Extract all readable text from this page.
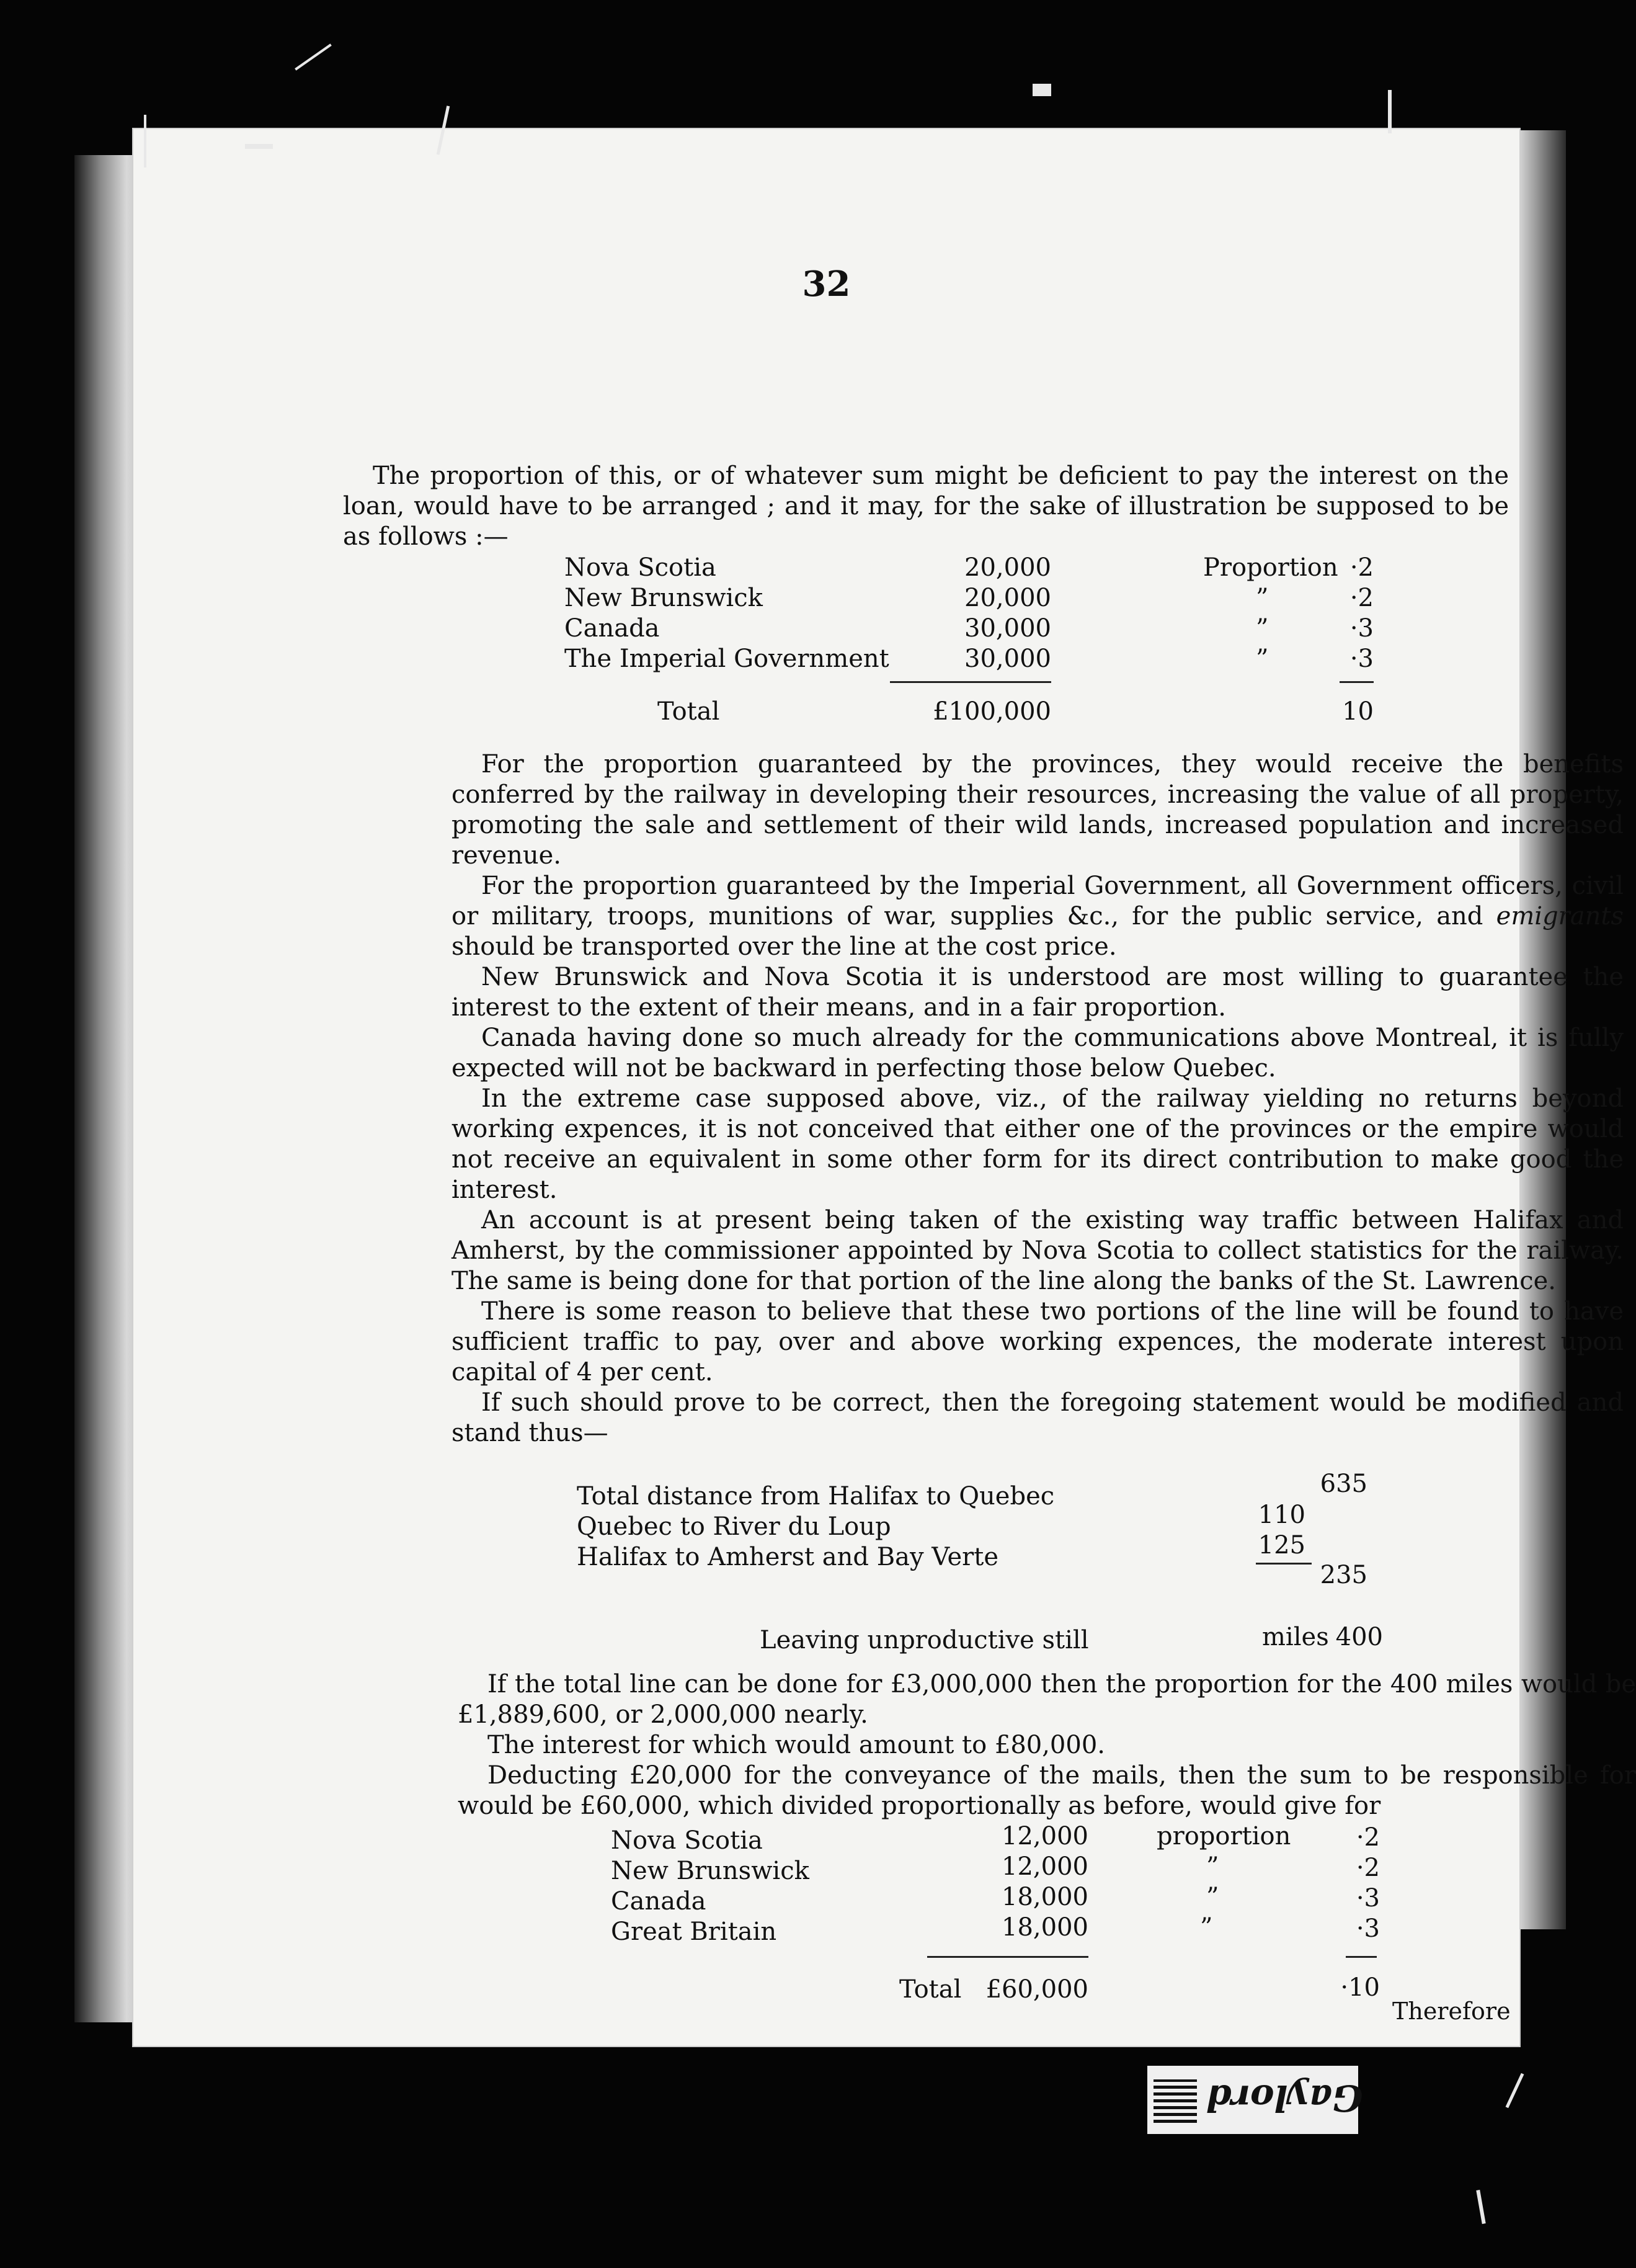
32

The proportion of this, or of whatever sum might be deficient to pay the interest on the loan, would have to be arranged ; and it may, for the sake of illustration be supposed to be as follows :—

Nova Scotia	20,000	Proportion ·2
New Brunswick	20,000	”	·2
Canada	30,000	”	·3
The Imperial Government	30,000	”	·3
Total	£100,000	10

For the proportion guaranteed by the provinces, they would receive the benefits conferred by the railway in developing their resources, increasing the value of all property, promoting the sale and settlement of their wild lands, increased population and increased revenue.

For the proportion guaranteed by the Imperial Government, all Government officers, civil or military, troops, munitions of war, supplies &c., for the public service, and emigrants should be transported over the line at the cost price.

New Brunswick and Nova Scotia it is understood are most willing to guarantee the interest to the extent of their means, and in a fair proportion.

Canada having done so much already for the communications above Montreal, it is fully expected will not be backward in perfecting those below Quebec.

In the extreme case supposed above, viz., of the railway yielding no returns beyond working expences, it is not conceived that either one of the provinces or the empire would not receive an equivalent in some other form for its direct contribution to make good the interest.

An account is at present being taken of the existing way traffic between Halifax and Amherst, by the commissioner appointed by Nova Scotia to collect statistics for the railway. The same is being done for that portion of the line along the banks of the St. Lawrence.

There is some reason to believe that these two portions of the line will be found to have sufficient traffic to pay, over and above working expences, the moderate interest upon capital of 4 per cent.

If such should prove to be correct, then the foregoing statement would be modified and stand thus—

Total distance from Halifax to Quebec	635
Quebec to River du Loup	110
Halifax to Amherst and Bay Verte	125
235
Leaving unproductive still	miles 400

If the total line can be done for £3,000,000 then the proportion for the 400 miles would be £1,889,600, or 2,000,000 nearly.

The interest for which would amount to £80,000.

Deducting £20,000 for the conveyance of the mails, then the sum to be responsible for would be £60,000, which divided proportionally as before, would give for

Nova Scotia	12,000	proportion	·2
New Brunswick	12,000	”	·2
Canada	18,000	”	·3
Great Britain	18,000	”	·3
Total £60,000	·10
Therefore
Gaylord
